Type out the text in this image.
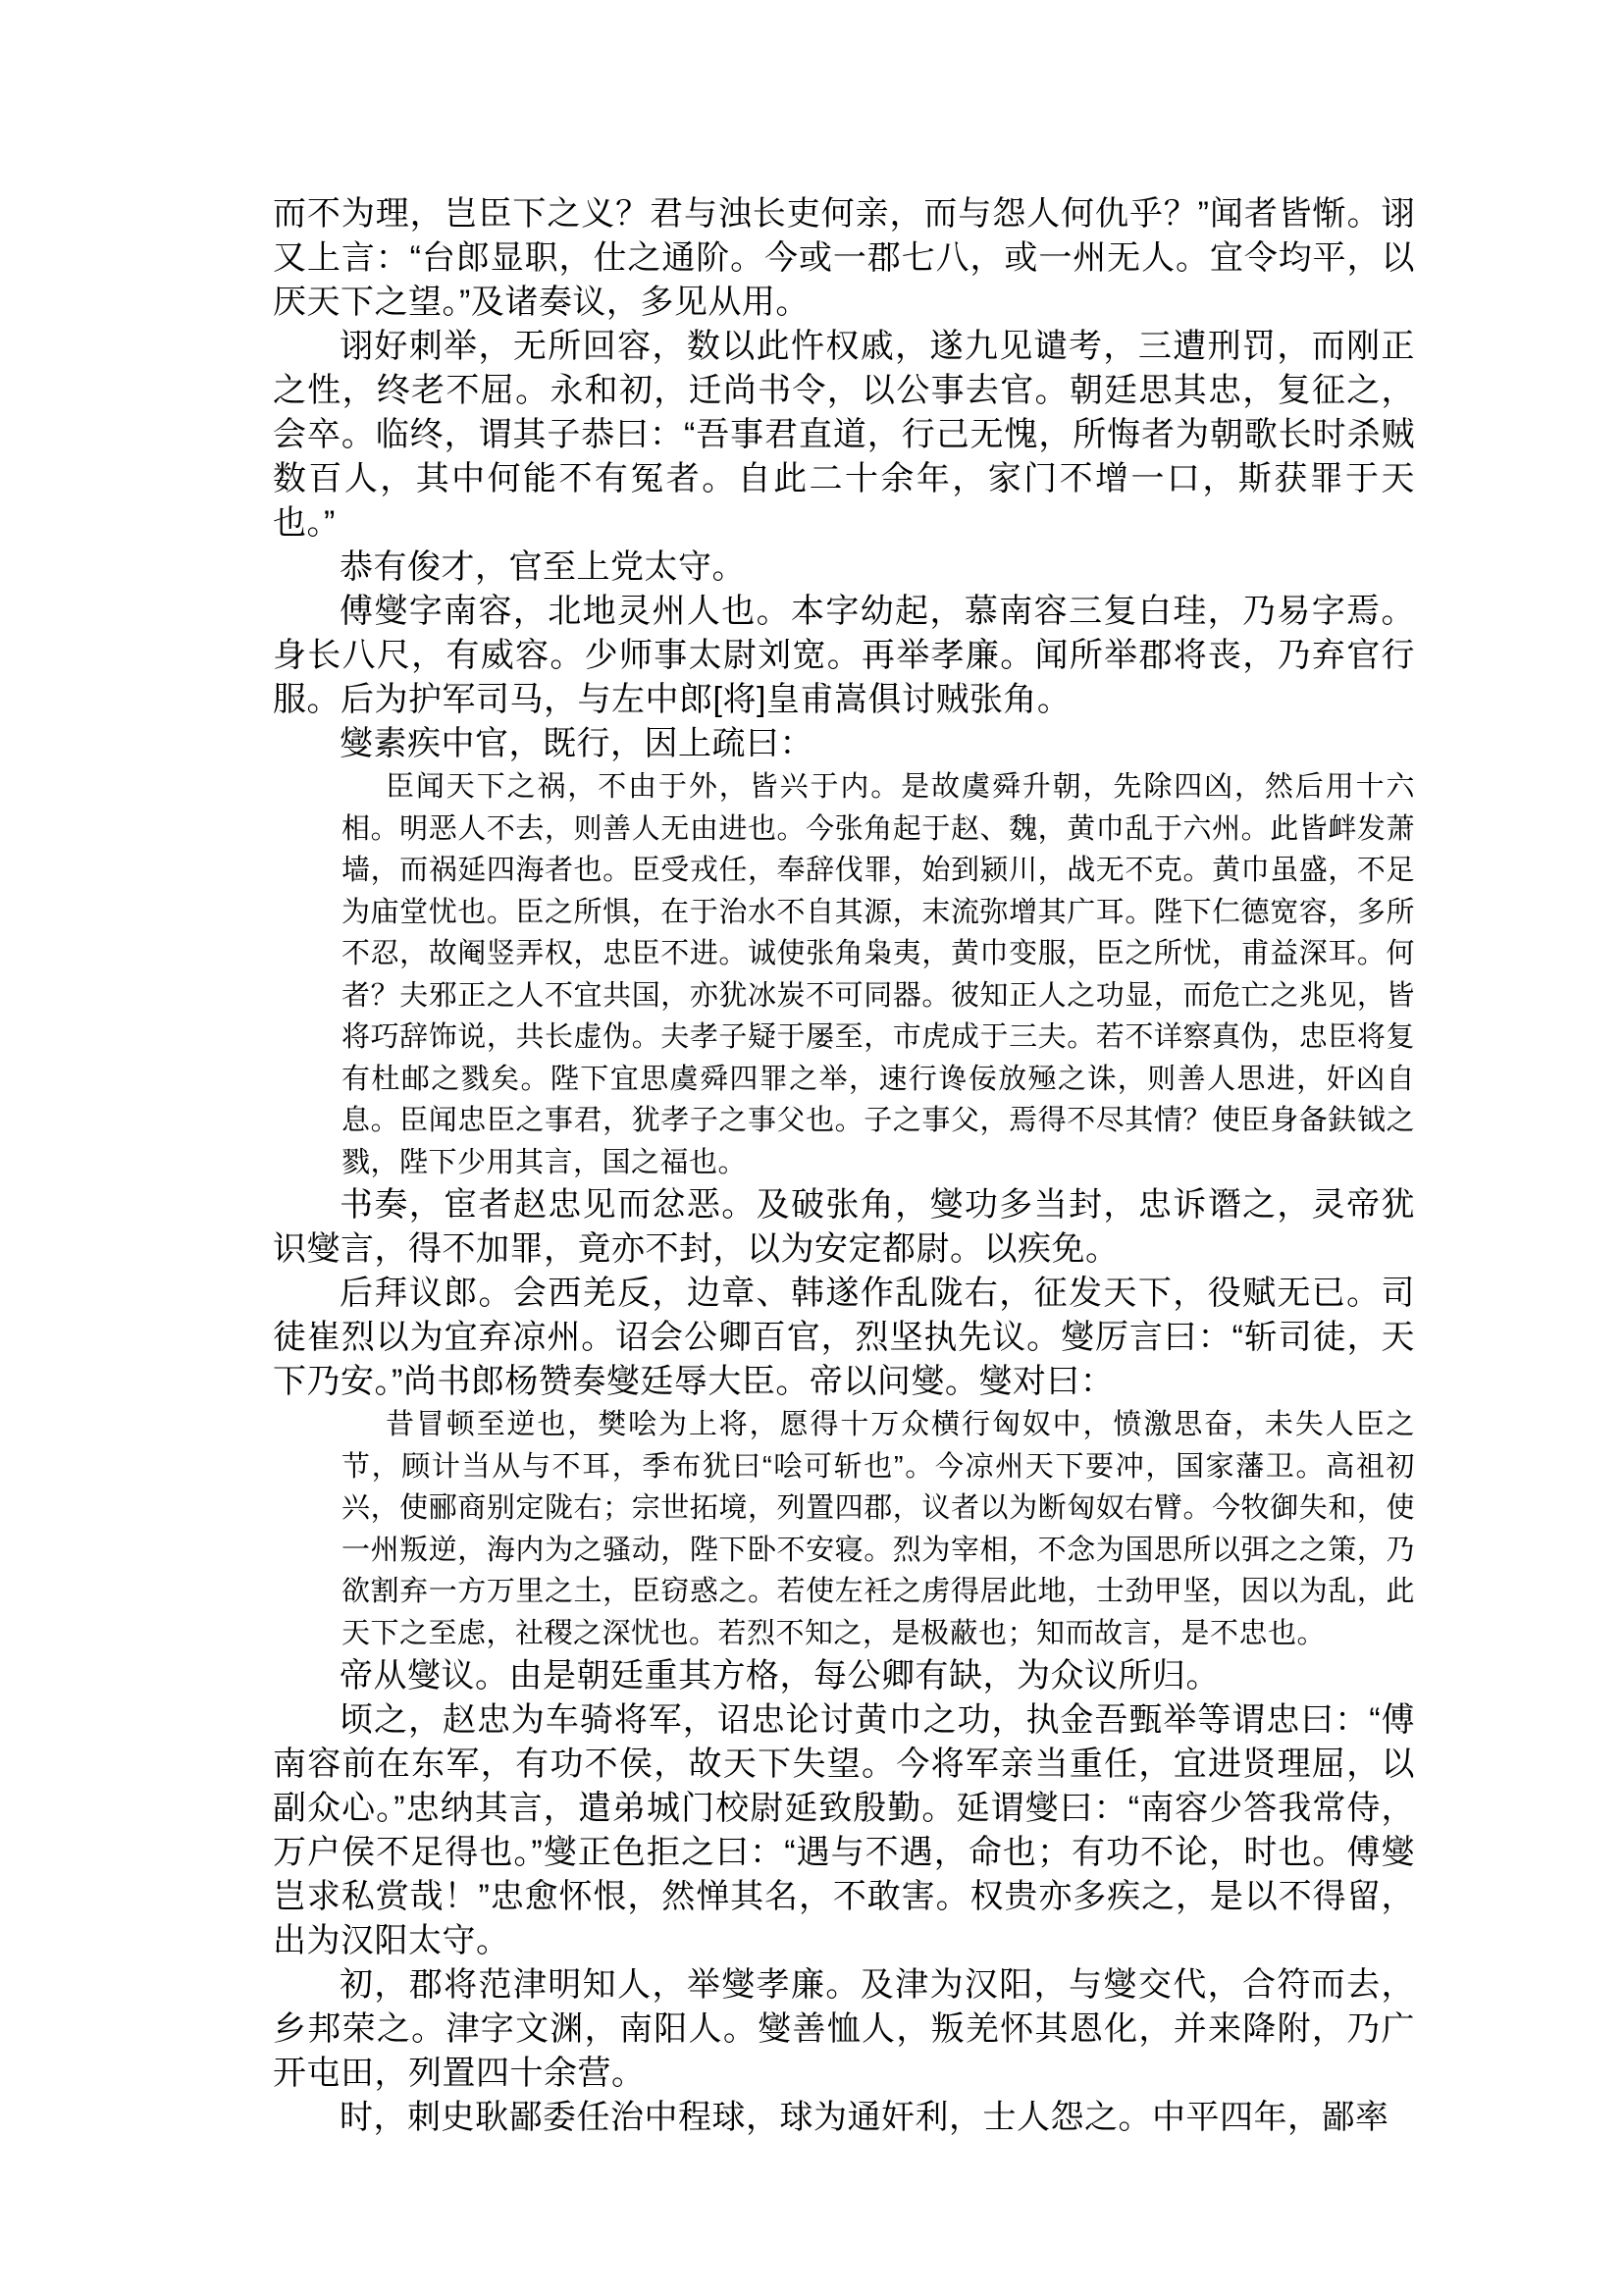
而不为理，岂臣下之义？君与浊长吏何亲，而与怨人何仇乎？”闻者皆惭。诩又上言：“台郎显职，仕之通阶。今或一郡七八，或一州无人。宜令均平，以厌天下之望。”及诸奏议，多见从用。

诩好刺举，无所回容，数以此忤权戚，遂九见谴考，三遭刑罚，而刚正之性，终老不屈。永和初，迁尚书令，以公事去官。朝廷思其忠，复征之，会卒。临终，谓其子恭曰：“吾事君直道，行己无愧，所悔者为朝歌长时杀贼数百人，其中何能不有冤者。自此二十余年，家门不增一口，斯获罪于天也。”

恭有俊才，官至上党太守。

傅燮字南容，北地灵州人也。本字幼起，慕南容三复白珪，乃易字焉。身长八尺，有威容。少师事太尉刘宽。再举孝廉。闻所举郡将丧，乃弃官行服。后为护军司马，与左中郎[将]皇甫嵩俱讨贼张角。

燮素疾中官，既行，因上疏曰：

臣闻天下之祸，不由于外，皆兴于内。是故虞舜升朝，先除四凶，然后用十六相。明恶人不去，则善人无由进也。今张角起于赵、魏，黄巾乱于六州。此皆衅发萧墙，而祸延四海者也。臣受戎任，奉辞伐罪，始到颍川，战无不克。黄巾虽盛，不足为庙堂忧也。臣之所惧，在于治水不自其源，末流弥增其广耳。陛下仁德宽容，多所不忍，故阉竖弄权，忠臣不进。诚使张角枭夷，黄巾变服，臣之所忧，甫益深耳。何者？夫邪正之人不宜共国，亦犹冰炭不可同器。彼知正人之功显，而危亡之兆见，皆将巧辞饰说，共长虚伪。夫孝子疑于屡至，市虎成于三夫。若不详察真伪，忠臣将复有杜邮之戮矣。陛下宜思虞舜四罪之举，速行谗佞放殛之诛，则善人思进，奸凶自息。臣闻忠臣之事君，犹孝子之事父也。子之事父，焉得不尽其情？使臣身备鈇钺之戮，陛下少用其言，国之福也。

书奏，宦者赵忠见而忿恶。及破张角，燮功多当封，忠诉谮之，灵帝犹识燮言，得不加罪，竟亦不封，以为安定都尉。以疾免。

后拜议郎。会西羌反，边章、韩遂作乱陇右，征发天下，役赋无已。司徒崔烈以为宜弃凉州。诏会公卿百官，烈坚执先议。燮厉言曰：“斩司徒，天下乃安。”尚书郎杨赞奏燮廷辱大臣。帝以问燮。燮对曰：

昔冒顿至逆也，樊哙为上将，愿得十万众横行匈奴中，愤激思奋，未失人臣之节，顾计当从与不耳，季布犹曰“哙可斩也”。今凉州天下要冲，国家藩卫。高祖初兴，使郦商别定陇右；宗世拓境，列置四郡，议者以为断匈奴右臂。今牧御失和，使一州叛逆，海内为之骚动，陛下卧不安寝。烈为宰相，不念为国思所以弭之之策，乃欲割弃一方万里之土，臣窃惑之。若使左衽之虏得居此地，士劲甲坚，因以为乱，此天下之至虑，社稷之深忧也。若烈不知之，是极蔽也；知而故言，是不忠也。

帝从燮议。由是朝廷重其方格，每公卿有缺，为众议所归。

顷之，赵忠为车骑将军，诏忠论讨黄巾之功，执金吾甄举等谓忠曰：“傅南容前在东军，有功不侯，故天下失望。今将军亲当重任，宜进贤理屈，以副众心。”忠纳其言，遣弟城门校尉延致殷勤。延谓燮曰：“南容少答我常侍，万户侯不足得也。”燮正色拒之曰：“遇与不遇，命也；有功不论，时也。傅燮岂求私赏哉！”忠愈怀恨，然惮其名，不敢害。权贵亦多疾之，是以不得留，出为汉阳太守。

初，郡将范津明知人，举燮孝廉。及津为汉阳，与燮交代，合符而去，乡邦荣之。津字文渊，南阳人。燮善恤人，叛羌怀其恩化，并来降附，乃广开屯田，列置四十余营。

时，刺史耿鄙委任治中程球，球为通奸利，士人怨之。中平四年，鄙率
